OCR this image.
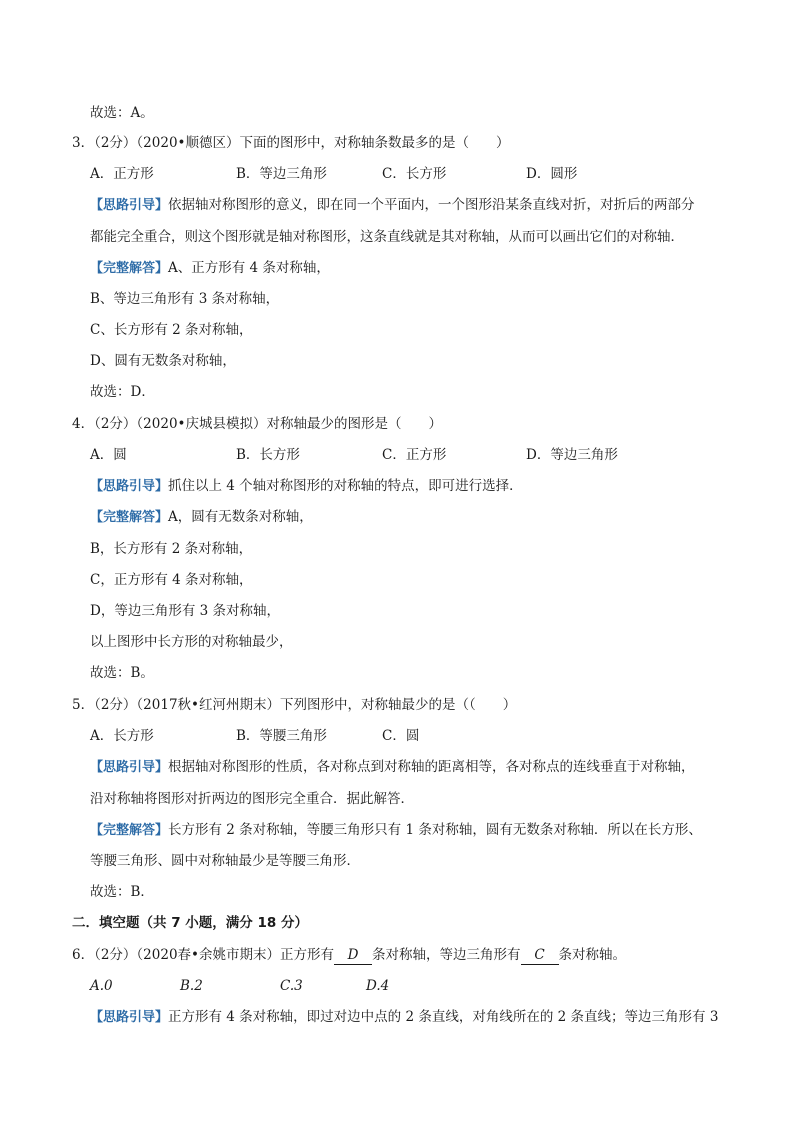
故选：A。
3．（2分）（2020•顺德区）下面的图形中，对称轴条数最多的是（　　）
A．正方形	B．等边三角形	C．长方形	D．圆形
【思路引导】依据轴对称图形的意义，即在同一个平面内，一个图形沿某条直线对折，对折后的两部分
都能完全重合，则这个图形就是轴对称图形，这条直线就是其对称轴，从而可以画出它们的对称轴．
【完整解答】A、正方形有 4 条对称轴，
B、等边三角形有 3 条对称轴，
C、长方形有 2 条对称轴，
D、圆有无数条对称轴，
故选：D．
4．（2分）（2020•庆城县模拟）对称轴最少的图形是（　　）
A．圆	B．长方形	C．正方形	D．等边三角形
【思路引导】抓住以上 4 个轴对称图形的对称轴的特点，即可进行选择．
【完整解答】A，圆有无数条对称轴，
B，长方形有 2 条对称轴，
C，正方形有 4 条对称轴，
D，等边三角形有 3 条对称轴，
以上图形中长方形的对称轴最少，
故选：B。
5．（2分）（2017秋•红河州期末）下列图形中，对称轴最少的是（（　　）
A．长方形	B．等腰三角形	C．圆
【思路引导】根据轴对称图形的性质，各对称点到对称轴的距离相等，各对称点的连线垂直于对称轴，
沿对称轴将图形对折两边的图形完全重合．据此解答．
【完整解答】长方形有 2 条对称轴，等腰三角形只有 1 条对称轴，圆有无数条对称轴．所以在长方形、
等腰三角形、圆中对称轴最少是等腰三角形．
故选：B．
二．填空题（共 7 小题，满分 18 分）
6．（2分）（2020春•余姚市期末）正方形有 D 条对称轴，等边三角形有 C 条对称轴。
A.0	B.2	C.3	D.4
【思路引导】正方形有 4 条对称轴，即过对边中点的 2 条直线，对角线所在的 2 条直线；等边三角形有 3
